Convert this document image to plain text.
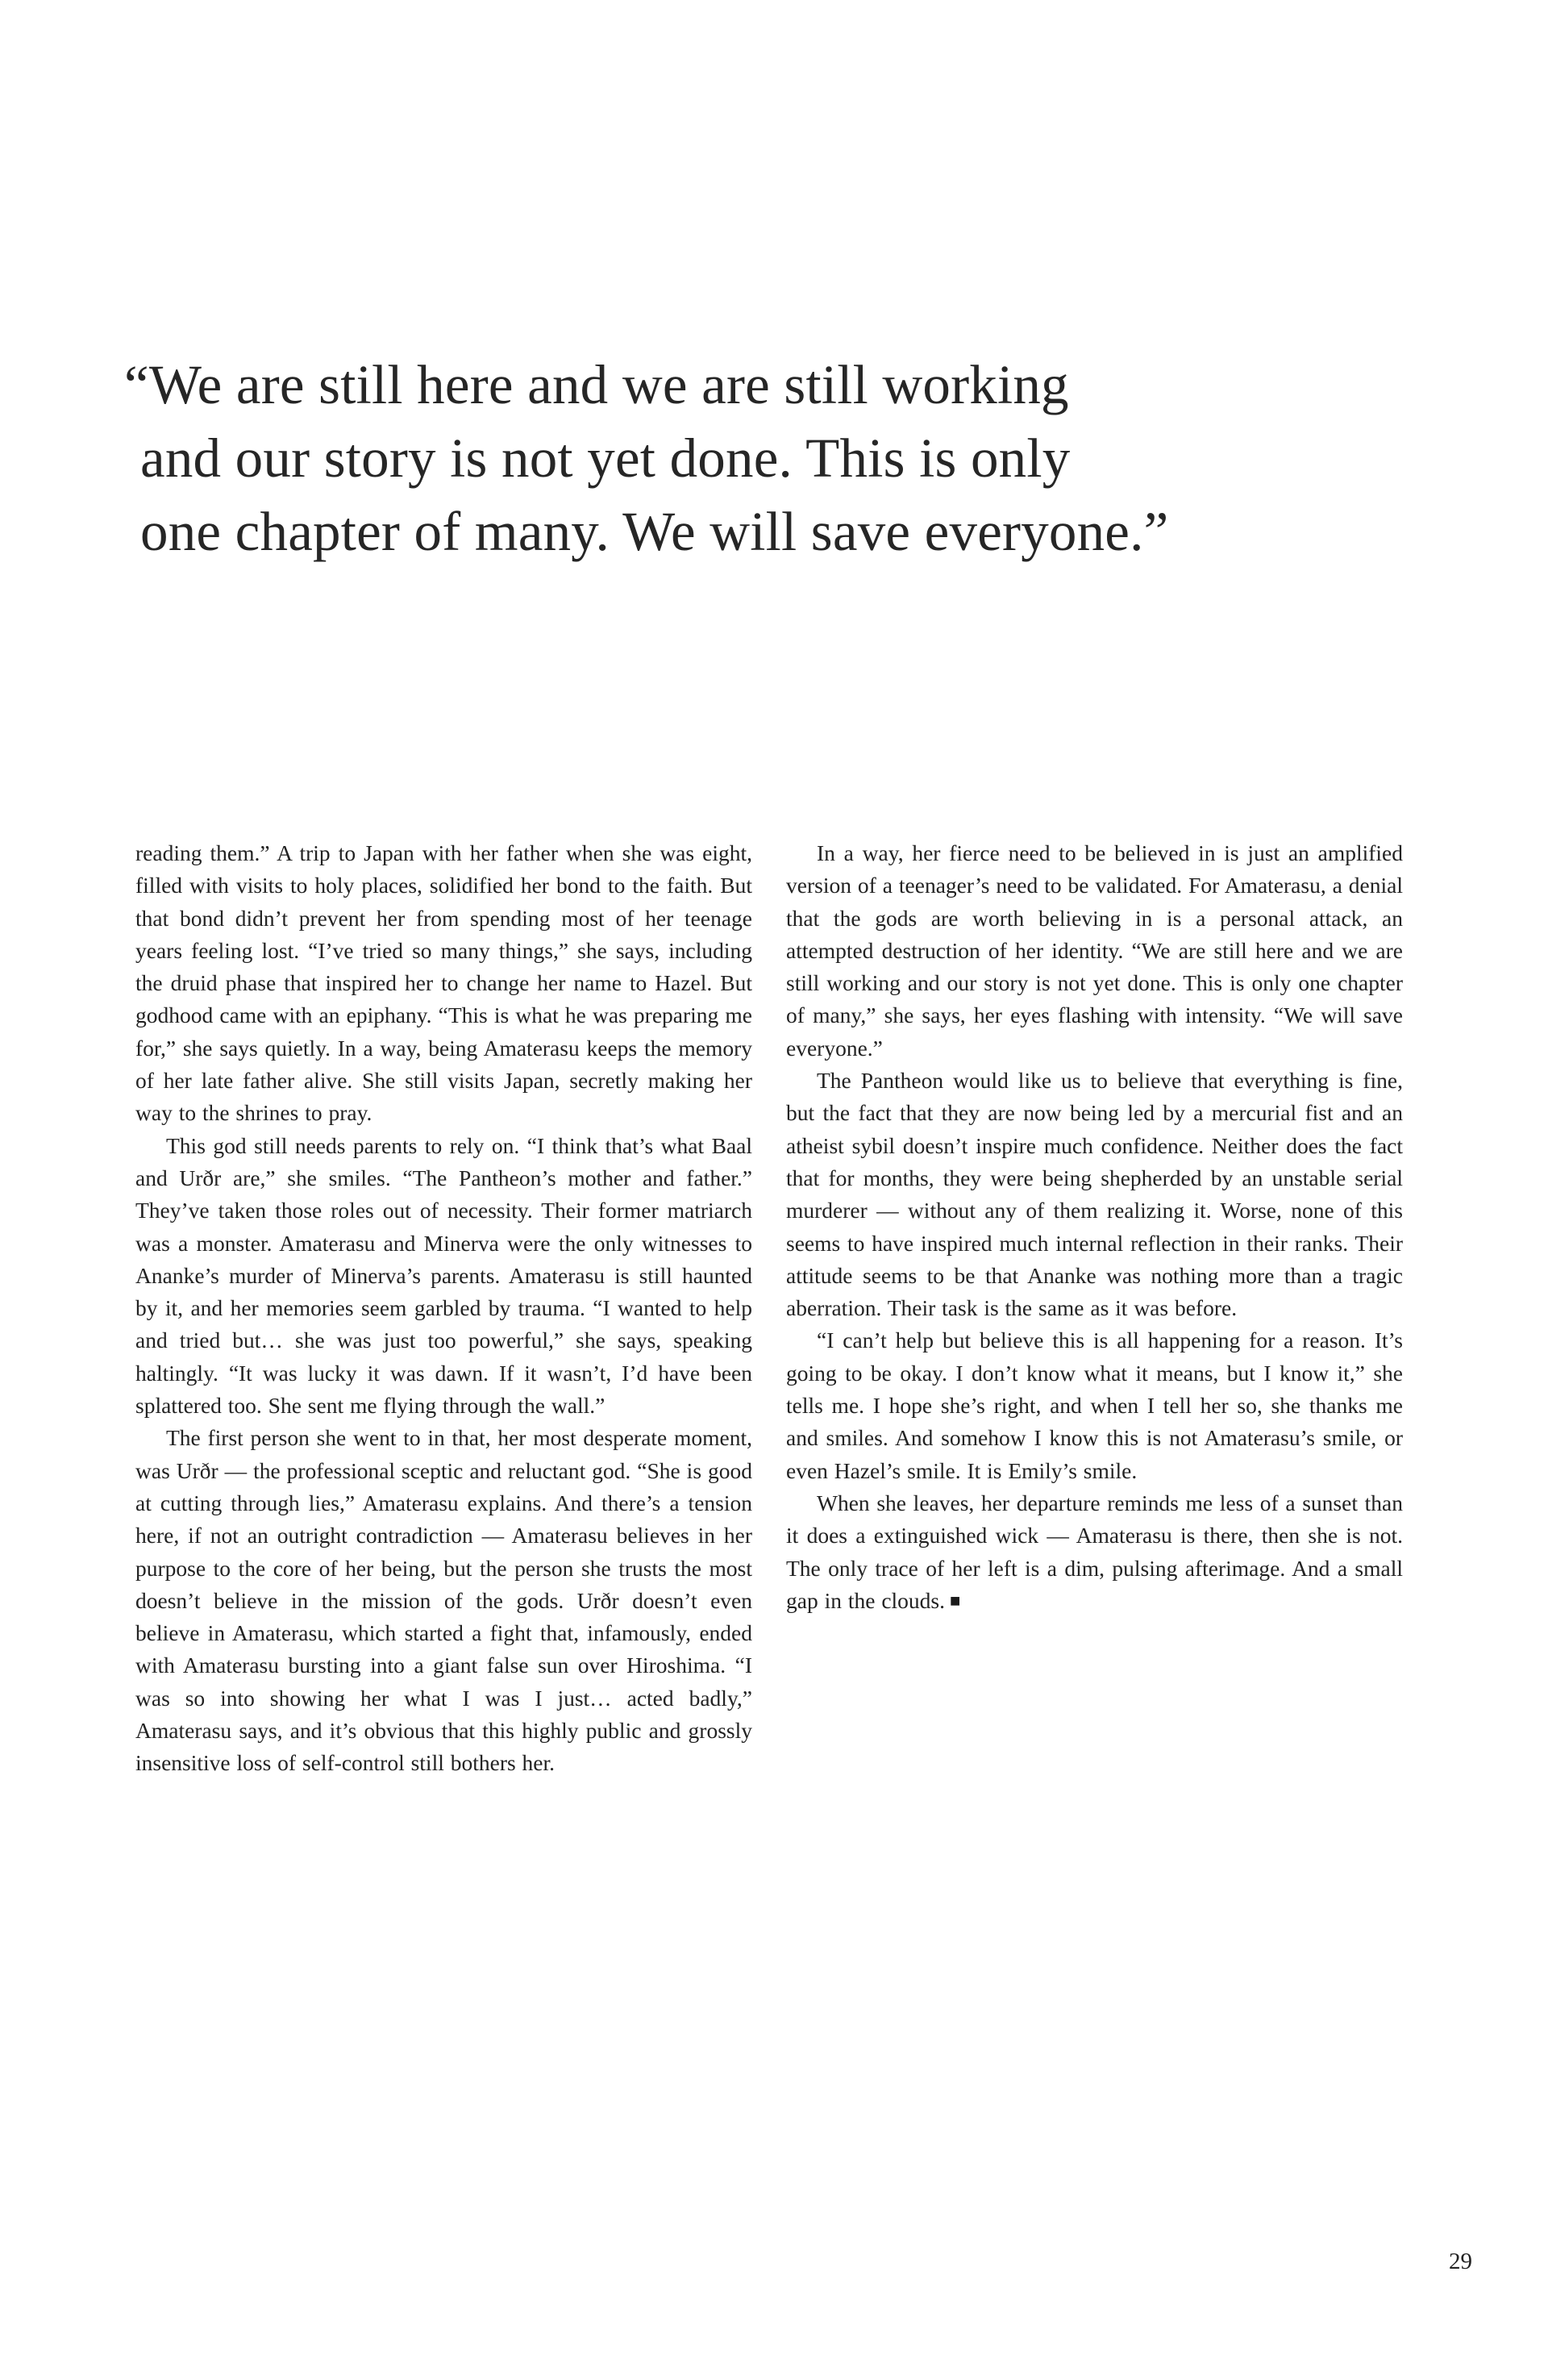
“We are still here and we are still working
and our story is not yet done. This is only
one chapter of many. We will save everyone.”

reading them.” A trip to Japan with her father when she was eight, filled with visits to holy places, solidified her bond to the faith. But that bond didn’t prevent her from spending most of her teenage years feeling lost. “I’ve tried so many things,” she says, including the druid phase that inspired her to change her name to Hazel. But godhood came with an epiphany. “This is what he was preparing me for,” she says quietly. In a way, being Amaterasu keeps the memory of her late father alive. She still visits Japan, secretly making her way to the shrines to pray.

This god still needs parents to rely on. “I think that’s what Baal and Urðr are,” she smiles. “The Pantheon’s mother and father.” They’ve taken those roles out of necessity. Their former matriarch was a monster. Amaterasu and Minerva were the only witnesses to Ananke’s murder of Minerva’s parents. Amaterasu is still haunted by it, and her memories seem garbled by trauma. “I wanted to help and tried but… she was just too powerful,” she says, speaking haltingly. “It was lucky it was dawn. If it wasn’t, I’d have been splattered too. She sent me flying through the wall.”

The first person she went to in that, her most desperate moment, was Urðr — the professional sceptic and reluctant god. “She is good at cutting through lies,” Amaterasu explains. And there’s a tension here, if not an outright contradiction — Amaterasu believes in her purpose to the core of her being, but the person she trusts the most doesn’t believe in the mission of the gods. Urðr doesn’t even believe in Amaterasu, which started a fight that, infamously, ended with Amaterasu bursting into a giant false sun over Hiroshima. “I was so into showing her what I was I just… acted badly,” Amaterasu says, and it’s obvious that this highly public and grossly insensitive loss of self-control still bothers her.

In a way, her fierce need to be believed in is just an amplified version of a teenager’s need to be validated. For Amaterasu, a denial that the gods are worth believing in is a personal attack, an attempted destruction of her identity. “We are still here and we are still working and our story is not yet done. This is only one chapter of many,” she says, her eyes flashing with intensity. “We will save everyone.”

The Pantheon would like us to believe that everything is fine, but the fact that they are now being led by a mercurial fist and an atheist sybil doesn’t inspire much confidence. Neither does the fact that for months, they were being shepherded by an unstable serial murderer — without any of them realizing it. Worse, none of this seems to have inspired much internal reflection in their ranks. Their attitude seems to be that Ananke was nothing more than a tragic aberration. Their task is the same as it was before.

“I can’t help but believe this is all happening for a reason. It’s going to be okay. I don’t know what it means, but I know it,” she tells me. I hope she’s right, and when I tell her so, she thanks me and smiles. And somehow I know this is not Amaterasu’s smile, or even Hazel’s smile. It is Emily’s smile.

When she leaves, her departure reminds me less of a sunset than it does a extinguished wick — Amaterasu is there, then she is not. The only trace of her left is a dim, pulsing afterimage. And a small gap in the clouds. ■

29
